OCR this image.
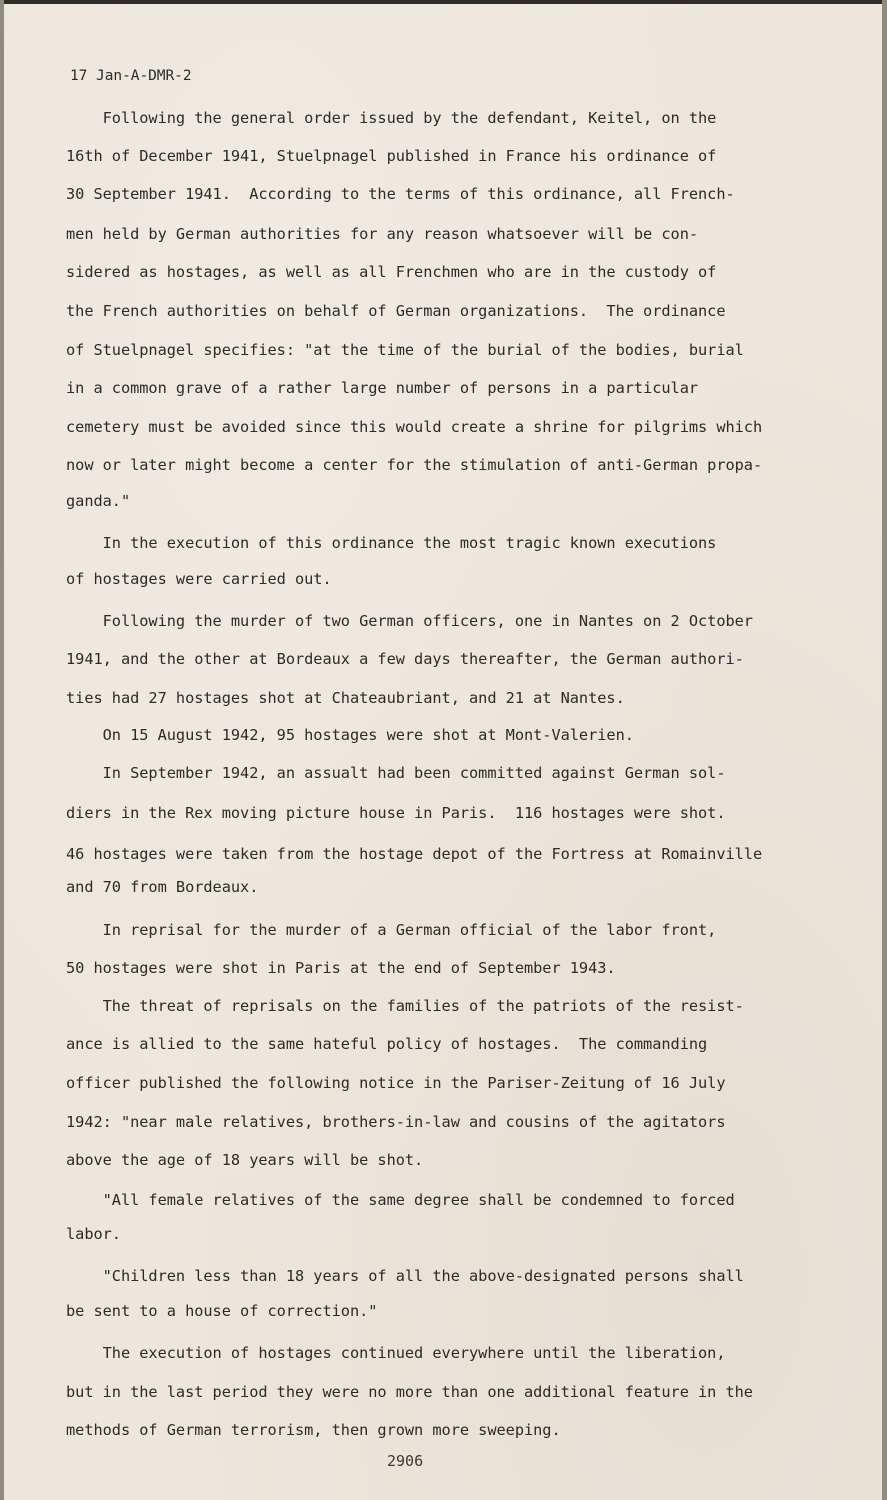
17 Jan-A-DMR-2
Following the general order issued by the defendant, Keitel, on the
16th of December 1941, Stuelpnagel published in France his ordinance of
30 September 1941.  According to the terms of this ordinance, all French-
men held by German authorities for any reason whatsoever will be con-
sidered as hostages, as well as all Frenchmen who are in the custody of
the French authorities on behalf of German organizations.  The ordinance
of Stuelpnagel specifies: "at the time of the burial of the bodies, burial
in a common grave of a rather large number of persons in a particular
cemetery must be avoided since this would create a shrine for pilgrims which
now or later might become a center for the stimulation of anti-German propa-
ganda."
In the execution of this ordinance the most tragic known executions
of hostages were carried out.
Following the murder of two German officers, one in Nantes on 2 October
1941, and the other at Bordeaux a few days thereafter, the German authori-
ties had 27 hostages shot at Chateaubriant, and 21 at Nantes.
On 15 August 1942, 95 hostages were shot at Mont-Valerien.
In September 1942, an assualt had been committed against German sol-
diers in the Rex moving picture house in Paris.  116 hostages were shot.
46 hostages were taken from the hostage depot of the Fortress at Romainville
and 70 from Bordeaux.
In reprisal for the murder of a German official of the labor front,
50 hostages were shot in Paris at the end of September 1943.
The threat of reprisals on the families of the patriots of the resist-
ance is allied to the same hateful policy of hostages.  The commanding
officer published the following notice in the Pariser-Zeitung of 16 July
1942: "near male relatives, brothers-in-law and cousins of the agitators
above the age of 18 years will be shot.
"All female relatives of the same degree shall be condemned to forced
labor.
"Children less than 18 years of all the above-designated persons shall
be sent to a house of correction."
The execution of hostages continued everywhere until the liberation,
but in the last period they were no more than one additional feature in the
methods of German terrorism, then grown more sweeping.
2906
